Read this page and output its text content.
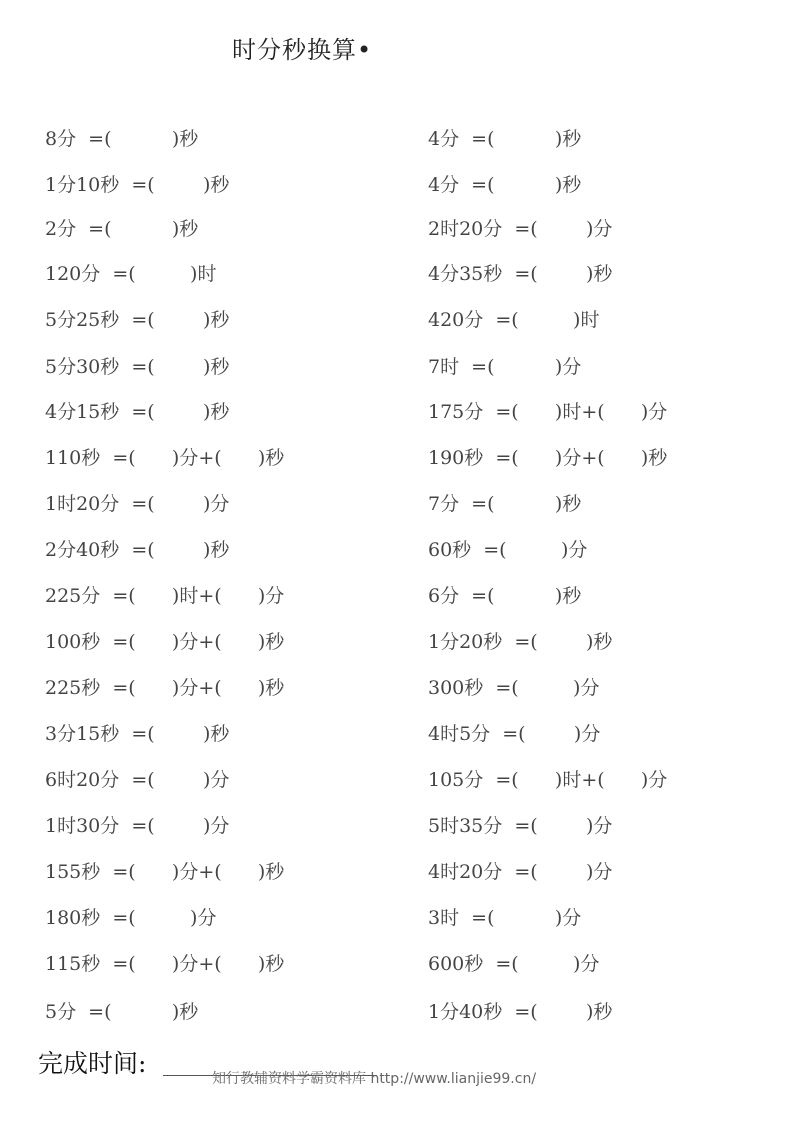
时分秒换算•
8分  =(          )秒	4分  =(          )秒
1分10秒  =(        )秒	4分  =(          )秒
2分  =(          )秒	2时20分  =(        )分
120分  =(         )时	4分35秒  =(        )秒
5分25秒  =(        )秒	420分  =(         )时
5分30秒  =(        )秒	7时  =(          )分
4分15秒  =(        )秒	175分  =(      )时+(      )分
110秒  =(      )分+(      )秒	190秒  =(      )分+(      )秒
1时20分  =(        )分	7分  =(          )秒
2分40秒  =(        )秒	60秒  =(         )分
225分  =(      )时+(      )分	6分  =(          )秒
100秒  =(      )分+(      )秒	1分20秒  =(        )秒
225秒  =(      )分+(      )秒	300秒  =(         )分
3分15秒  =(        )秒	4时5分  =(        )分
6时20分  =(        )分	105分  =(      )时+(      )分
1时30分  =(        )分	5时35分  =(        )分
155秒  =(      )分+(      )秒	4时20分  =(        )分
180秒  =(         )分	3时  =(          )分
115秒  =(      )分+(      )秒	600秒  =(         )分
5分  =(          )秒	1分40秒  =(        )秒
完成时间:
知行教辅资料学霸资料库 http://www.lianjie99.cn/
